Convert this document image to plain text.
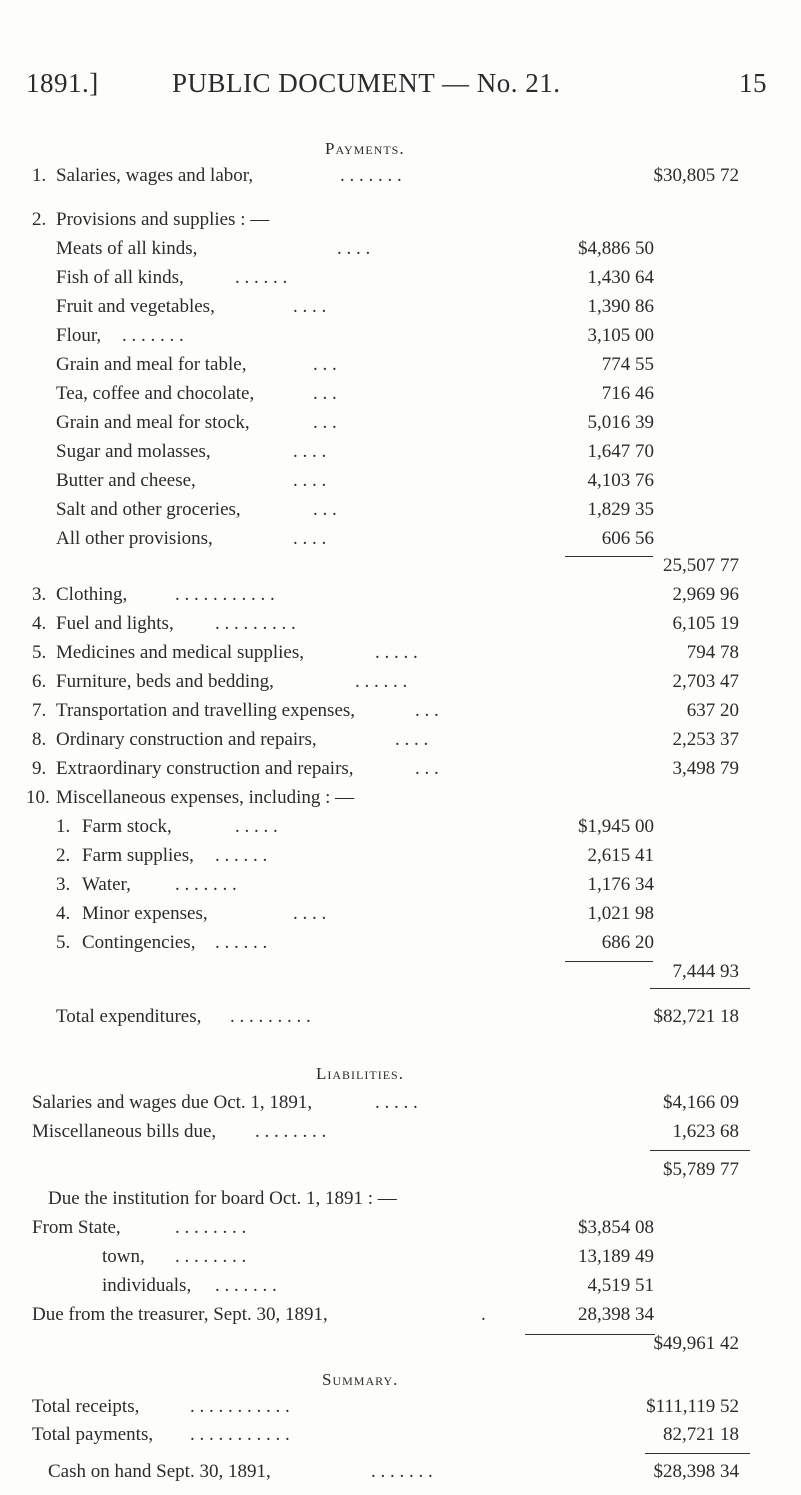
1891.]	PUBLIC DOCUMENT — No. 21.	15
Payments.
1. Salaries, wages and labor,	. . . . . . .	$30,805 72
2. Provisions and supplies : —
Meats of all kinds,	. . . .	$4,886 50
Fish of all kinds,	. . . . . .	1,430 64
Fruit and vegetables,	. . . .	1,390 86
Flour, . . . . . . .	3,105 00
Grain and meal for table,	. . .	774 55
Tea, coffee and chocolate,	. . .	716 46
Grain and meal for stock,	. . .	5,016 39
Sugar and molasses,	. . . .	1,647 70
Butter and cheese,	. . . .	4,103 76
Salt and other groceries,	. . .	1,829 35
All other provisions,	. . . .	606 56
25,507 77
3. Clothing,	. . . . . . . . . . .	2,969 96
4. Fuel and lights, . . . . . . . . .	6,105 19
5. Medicines and medical supplies,	. . . . .	794 78
6. Furniture, beds and bedding,	. . . . . .	2,703 47
7. Transportation and travelling expenses,	. . .	637 20
8. Ordinary construction and repairs,	. . . .	2,253 37
9. Extraordinary construction and repairs,	. . .	3,498 79
10. Miscellaneous expenses, including : —
1. Farm stock,	. . . . .	$1,945 00
2. Farm supplies, . . . . . .	2,615 41
3. Water, . . . . . . .	1,176 34
4. Minor expenses,	. . . .	1,021 98
5. Contingencies, . . . . . .	686 20
7,444 93
Total expenditures, . . . . . . . . .	$82,721 18
Liabilities.
Salaries and wages due Oct. 1, 1891,	. . . . .	$4,166 09
Miscellaneous bills due, . . . . . . . .	1,623 68
$5,789 77
Due the institution for board Oct. 1, 1891 : —
From State,	. . . . . . . .	$3,854 08
town, . . . . . . . .	13,189 49
individuals, . . . . . . .	4,519 51
Due from the treasurer, Sept. 30, 1891,	.	28,398 34
$49,961 42
Summary.
Total receipts,	. . . . . . . . . . .	$111,119 52
Total payments, . . . . . . . . . . .	82,721 18
Cash on hand Sept. 30, 1891,	. . . . . . .	$28,398 34
